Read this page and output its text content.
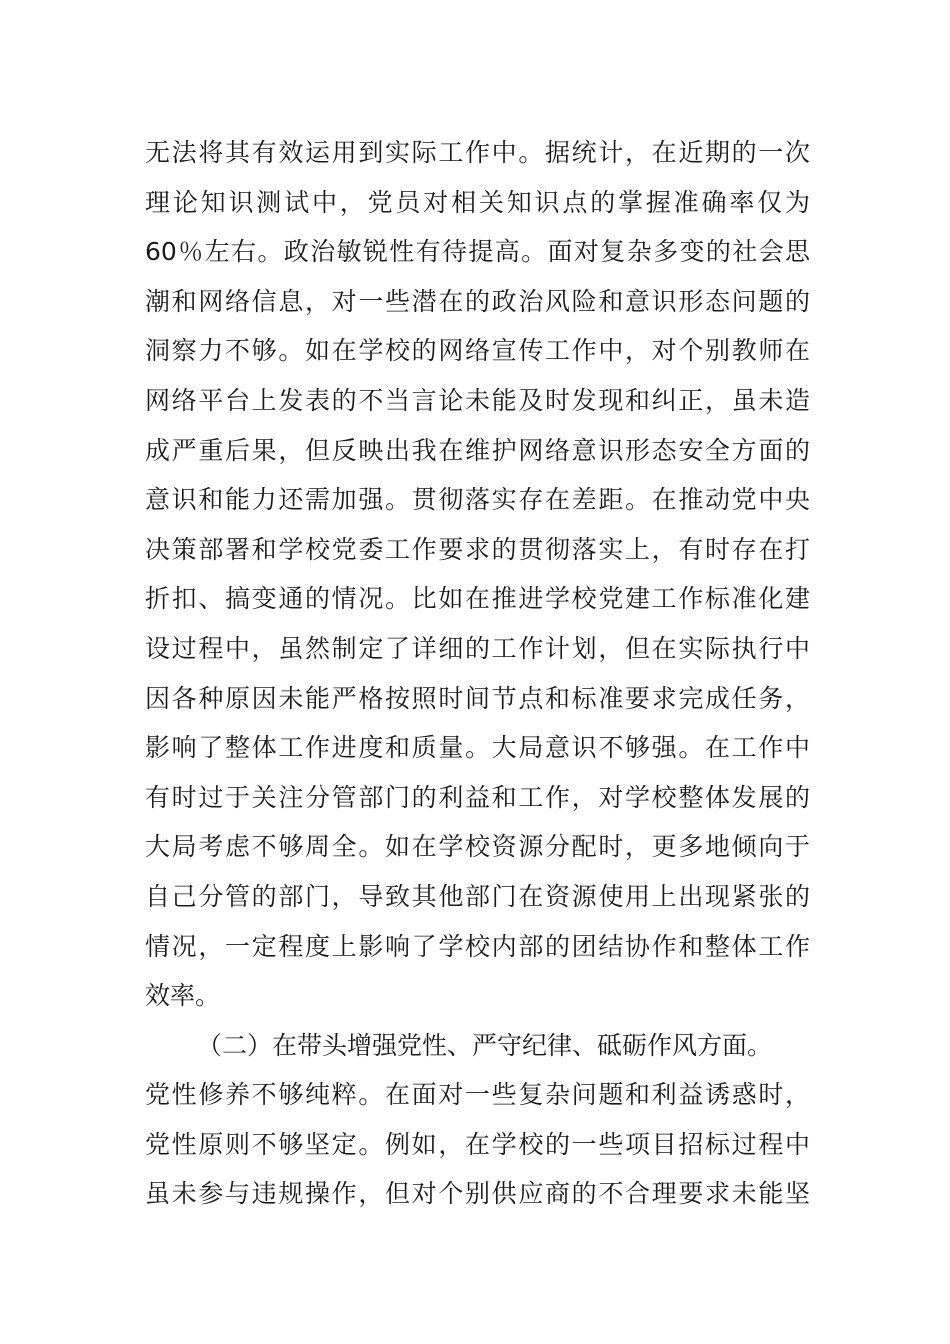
无法将其有效运用到实际工作中。据统计，在近期的一次
理论知识测试中，党员对相关知识点的掌握准确率仅为
60％左右。政治敏锐性有待提高。面对复杂多变的社会思
潮和网络信息，对一些潜在的政治风险和意识形态问题的
洞察力不够。如在学校的网络宣传工作中，对个别教师在
网络平台上发表的不当言论未能及时发现和纠正，虽未造
成严重后果，但反映出我在维护网络意识形态安全方面的
意识和能力还需加强。贯彻落实存在差距。在推动党中央
决策部署和学校党委工作要求的贯彻落实上，有时存在打
折扣、搞变通的情况。比如在推进学校党建工作标准化建
设过程中，虽然制定了详细的工作计划，但在实际执行中
因各种原因未能严格按照时间节点和标准要求完成任务，
影响了整体工作进度和质量。大局意识不够强。在工作中
有时过于关注分管部门的利益和工作，对学校整体发展的
大局考虑不够周全。如在学校资源分配时，更多地倾向于
自己分管的部门，导致其他部门在资源使用上出现紧张的
情况，一定程度上影响了学校内部的团结协作和整体工作
效率。
（二）在带头增强党性、严守纪律、砥砺作风方面。
党性修养不够纯粹。在面对一些复杂问题和利益诱惑时，
党性原则不够坚定。例如，在学校的一些项目招标过程中
虽未参与违规操作，但对个别供应商的不合理要求未能坚
